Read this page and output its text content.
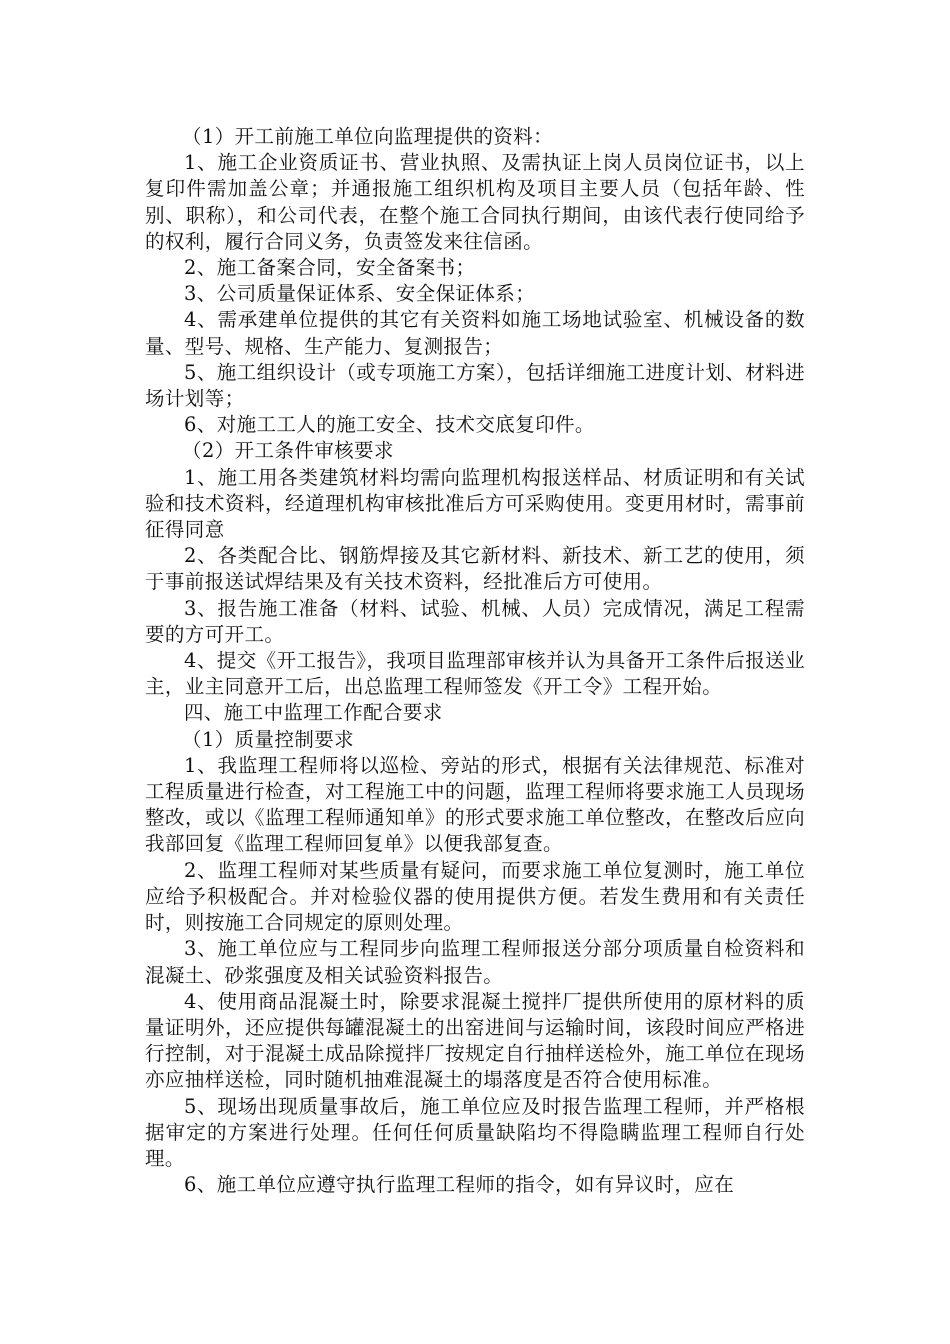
（1）开工前施工单位向监理提供的资料：

1、施工企业资质证书、营业执照、及需执证上岗人员岗位证书，以上复印件需加盖公章；并通报施工组织机构及项目主要人员（包括年龄、性别、职称），和公司代表，在整个施工合同执行期间，由该代表行使同给予的权利，履行合同义务，负责签发来往信函。

2、施工备案合同，安全备案书；

3、公司质量保证体系、安全保证体系；

4、需承建单位提供的其它有关资料如施工场地试验室、机械设备的数量、型号、规格、生产能力、复测报告；

5、施工组织设计（或专项施工方案），包括详细施工进度计划、材料进场计划等；

6、对施工工人的施工安全、技术交底复印件。

（2）开工条件审核要求

1、施工用各类建筑材料均需向监理机构报送样品、材质证明和有关试验和技术资料，经道理机构审核批准后方可采购使用。变更用材时，需事前征得同意

2、各类配合比、钢筋焊接及其它新材料、新技术、新工艺的使用，须于事前报送试焊结果及有关技术资料，经批准后方可使用。

3、报告施工准备（材料、试验、机械、人员）完成情况，满足工程需要的方可开工。

4、提交《开工报告》，我项目监理部审核并认为具备开工条件后报送业主，业主同意开工后，出总监理工程师签发《开工令》工程开始。

四、施工中监理工作配合要求

（1）质量控制要求

1、我监理工程师将以巡检、旁站的形式，根据有关法律规范、标准对工程质量进行检查，对工程施工中的问题，监理工程师将要求施工人员现场整改，或以《监理工程师通知单》的形式要求施工单位整改，在整改后应向我部回复《监理工程师回复单》以便我部复查。

2、监理工程师对某些质量有疑问，而要求施工单位复测时，施工单位应给予积极配合。并对检验仪器的使用提供方便。若发生费用和有关责任时，则按施工合同规定的原则处理。

3、施工单位应与工程同步向监理工程师报送分部分项质量自检资料和混凝土、砂浆强度及相关试验资料报告。

4、使用商品混凝土时，除要求混凝土搅拌厂提供所使用的原材料的质量证明外，还应提供每罐混凝土的出窑进间与运输时间，该段时间应严格进行控制，对于混凝土成品除搅拌厂按规定自行抽样送检外，施工单位在现场亦应抽样送检，同时随机抽难混凝土的塌落度是否符合使用标准。

5、现场出现质量事故后，施工单位应及时报告监理工程师，并严格根据审定的方案进行处理。任何任何质量缺陷均不得隐瞒监理工程师自行处理。

6、施工单位应遵守执行监理工程师的指令，如有异议时，应在
